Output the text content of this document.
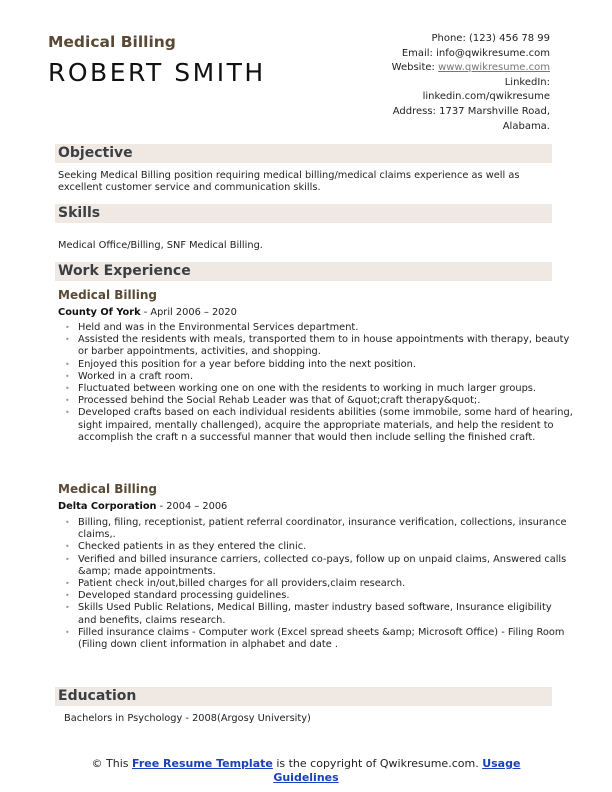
Medical Billing
ROBERT SMITH
Phone: (123) 456 78 99
Email: info@qwikresume.com
Website: www.qwikresume.com
LinkedIn:
linkedin.com/qwikresume
Address: 1737 Marshville Road,
Alabama.
Objective
Seeking Medical Billing position requiring medical billing/medical claims experience as well as excellent customer service and communication skills.
Skills
Medical Office/Billing, SNF Medical Billing.
Work Experience
Medical Billing
County Of York - April 2006 – 2020
• Held and was in the Environmental Services department.
• Assisted the residents with meals, transported them to in house appointments with therapy, beauty or barber appointments, activities, and shopping.
• Enjoyed this position for a year before bidding into the next position.
• Worked in a craft room.
• Fluctuated between working one on one with the residents to working in much larger groups.
• Processed behind the Social Rehab Leader was that of &quot;craft therapy&quot;.
• Developed crafts based on each individual residents abilities (some immobile, some hard of hearing, sight impaired, mentally challenged), acquire the appropriate materials, and help the resident to accomplish the craft n a successful manner that would then include selling the finished craft.
Medical Billing
Delta Corporation - 2004 – 2006
• Billing, filing, receptionist, patient referral coordinator, insurance verification, collections, insurance claims,.
• Checked patients in as they entered the clinic.
• Verified and billed insurance carriers, collected co-pays, follow up on unpaid claims, Answered calls &amp; made appointments.
• Patient check in/out,billed charges for all providers,claim research.
• Developed standard processing guidelines.
• Skills Used Public Relations, Medical Billing, master industry based software, Insurance eligibility and benefits, claims research.
• Filled insurance claims - Computer work (Excel spread sheets &amp; Microsoft Office) - Filing Room (Filing down client information in alphabet and date .
Education
Bachelors in Psychology - 2008(Argosy University)
© This Free Resume Template is the copyright of Qwikresume.com. Usage Guidelines
